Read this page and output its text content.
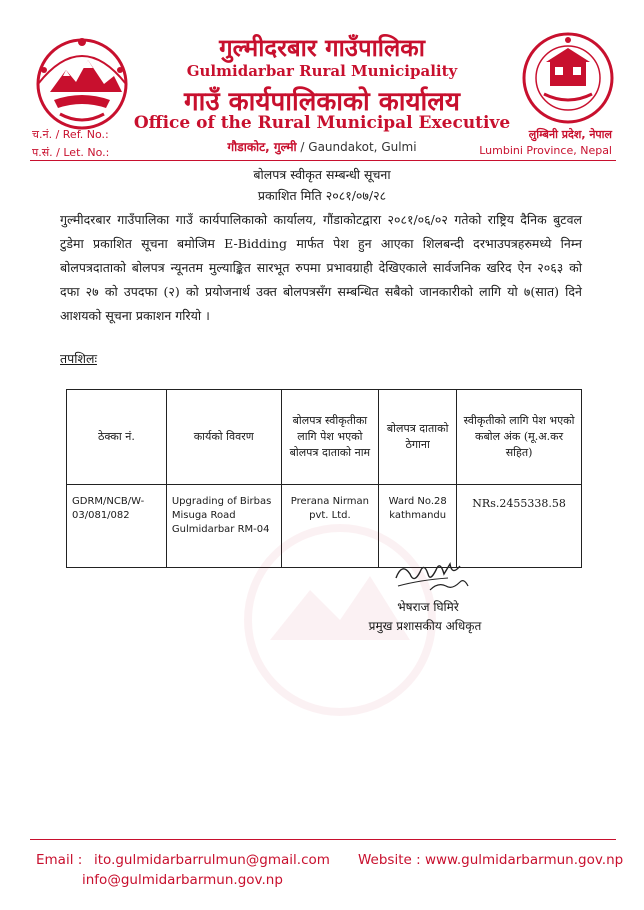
गुल्मीदरबार गाउँपालिका
Gulmidarbar Rural Municipality
गाउँ कार्यपालिकाको कार्यालय
Office of the Rural Municipal Executive
गौडाकोट, गुल्मी / Gaundakot, Gulmi
च.नं. / Ref. No.:
प.सं. / Let. No.:
लुम्बिनी प्रदेश, नेपाल
Lumbini Province, Nepal
बोलपत्र स्वीकृत सम्बन्धी सूचना
प्रकाशित मिति २०८१/०७/२८
गुल्मीदरबार गाउँपालिका गाउँ कार्यपालिकाको कार्यालय, गौंडाकोटद्वारा २०८१/०६/०२ गतेको राष्ट्रिय दैनिक बुटवल टुडेमा प्रकाशित सूचना बमोजिम E-Bidding मार्फत पेश हुन आएका शिलबन्दी दरभाउपत्रहरुमध्ये निम्न बोलपत्रदाताको बोलपत्र न्यूनतम मुल्याङ्कित सारभूत रुपमा प्रभावग्राही देखिएकाले सार्वजनिक खरिद ऐन २०६३ को दफा २७ को उपदफा (२) को प्रयोजनार्थ उक्त बोलपत्रसँग सम्बन्धित सबैको जानकारीको लागि यो ७(सात) दिने आशयको सूचना प्रकाशन गरियो ।
तपशिलः
ठेक्का नं.	कार्यको विवरण	बोलपत्र स्वीकृतीका लागि पेश भएको बोलपत्र दाताको नाम	बोलपत्र दाताको ठेगाना	स्वीकृतीको लागि पेश भएको कबोल अंक (मू.अ.कर सहित)
GDRM/NCB/W-03/081/082	Upgrading of Birbas Misuga Road Gulmidarbar RM-04	Prerana Nirman pvt. Ltd.	Ward No.28 kathmandu	NRs.2455338.58
भेषराज घिमिरे
प्रमुख प्रशासकीय अधिकृत
Email : ito.gulmidarbarrulmun@gmail.com
info@gulmidarbarmun.gov.np
Website : www.gulmidarbarmun.gov.np
